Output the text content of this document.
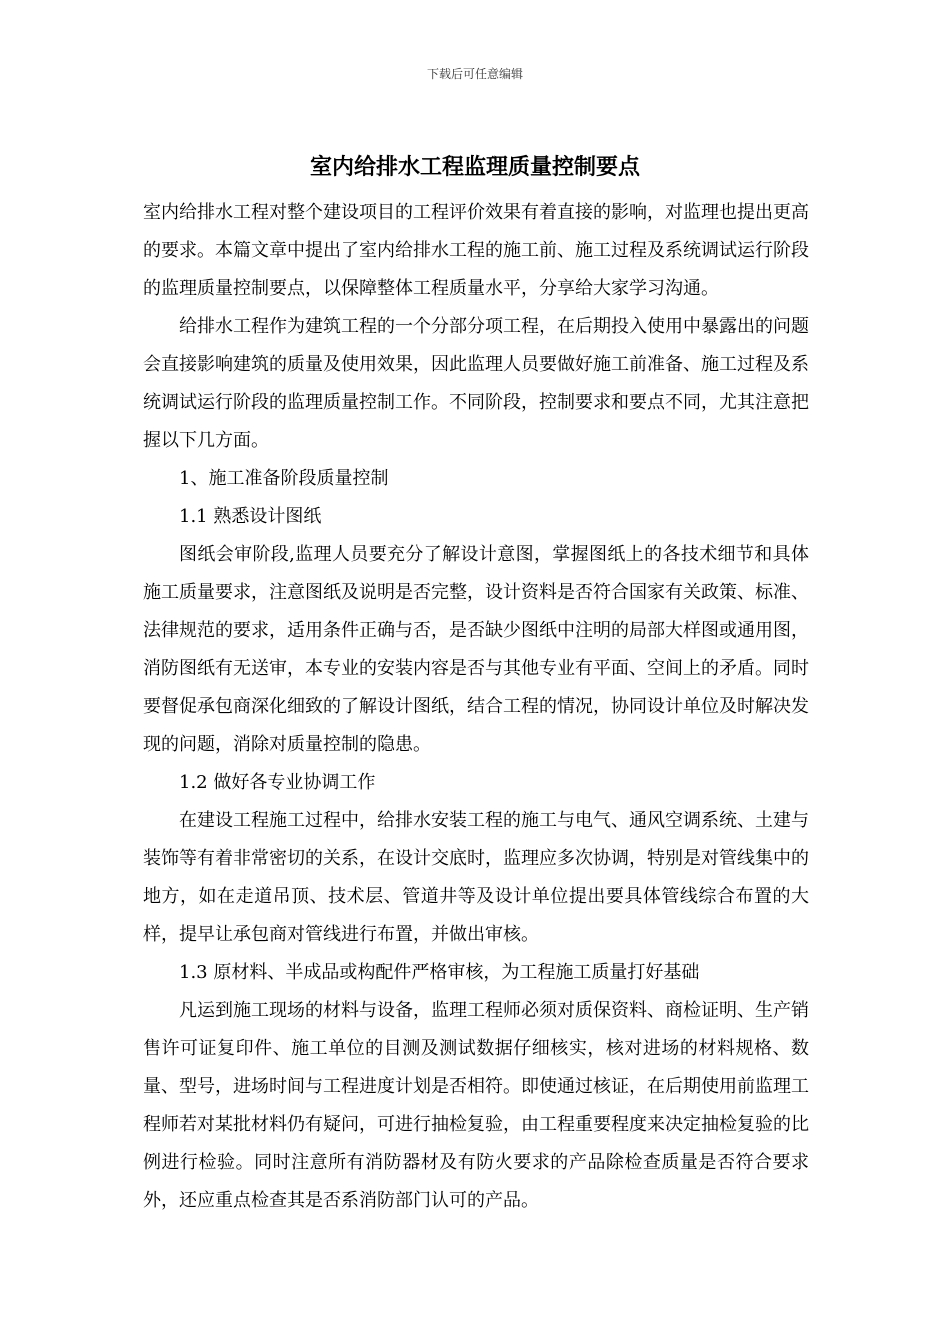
下载后可任意编辑
室内给排水工程监理质量控制要点

室内给排水工程对整个建设项目的工程评价效果有着直接的影响，对监理也提出更高的要求。本篇文章中提出了室内给排水工程的施工前、施工过程及系统调试运行阶段的监理质量控制要点，以保障整体工程质量水平，分享给大家学习沟通。

给排水工程作为建筑工程的一个分部分项工程，在后期投入使用中暴露出的问题会直接影响建筑的质量及使用效果，因此监理人员要做好施工前准备、施工过程及系统调试运行阶段的监理质量控制工作。不同阶段，控制要求和要点不同，尤其注意把握以下几方面。

1、施工准备阶段质量控制

1.1 熟悉设计图纸

图纸会审阶段,监理人员要充分了解设计意图，掌握图纸上的各技术细节和具体施工质量要求，注意图纸及说明是否完整，设计资料是否符合国家有关政策、标准、法律规范的要求，适用条件正确与否，是否缺少图纸中注明的局部大样图或通用图，消防图纸有无送审，本专业的安装内容是否与其他专业有平面、空间上的矛盾。同时要督促承包商深化细致的了解设计图纸，结合工程的情况，协同设计单位及时解决发现的问题，消除对质量控制的隐患。

1.2 做好各专业协调工作

在建设工程施工过程中，给排水安装工程的施工与电气、通风空调系统、土建与装饰等有着非常密切的关系，在设计交底时，监理应多次协调，特别是对管线集中的地方，如在走道吊顶、技术层、管道井等及设计单位提出要具体管线综合布置的大样，提早让承包商对管线进行布置，并做出审核。

1.3 原材料、半成品或构配件严格审核，为工程施工质量打好基础

凡运到施工现场的材料与设备，监理工程师必须对质保资料、商检证明、生产销售许可证复印件、施工单位的目测及测试数据仔细核实，核对进场的材料规格、数量、型号，进场时间与工程进度计划是否相符。即使通过核证，在后期使用前监理工程师若对某批材料仍有疑问，可进行抽检复验，由工程重要程度来决定抽检复验的比例进行检验。同时注意所有消防器材及有防火要求的产品除检查质量是否符合要求外，还应重点检查其是否系消防部门认可的产品。
